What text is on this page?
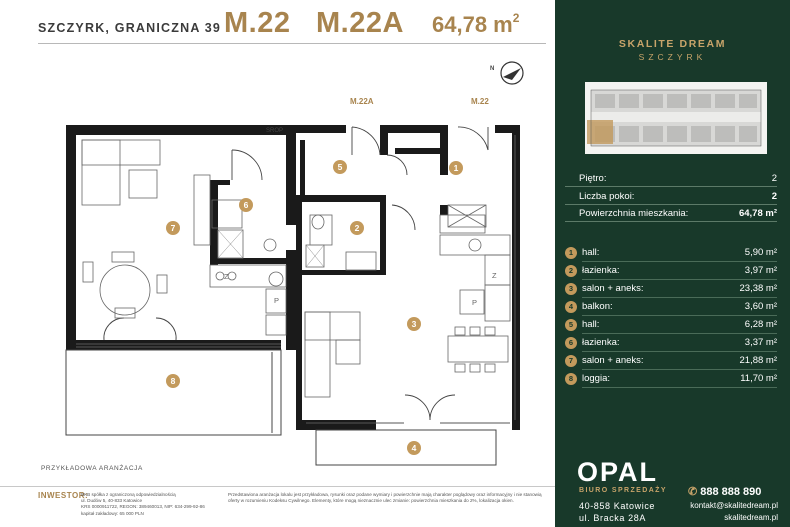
SZCZYRK, GRANICZNA 39 M.22 M.22A 64,78 $m^2$
N
SROP
Z
P
Z
P
M.22A	M.22
1
2
3
4
5
6
7
8
PRZYKŁADOWA ARANŻACJA
INWESTOR:
BKB spółka z ograniczoną odpowiedzialnością
ul. Dudów 5, 40-833 Katowice
KRS 0000911722, REGON: 389460013, NIP: 634-299-92-86
kapitał zakładowy: 65 000 PLN
Przedstawiona aranżacja lokalu jest przykładowa, rysunki oraz podane wymiary i powierzchnie mają charakter poglądowy oraz informacyjny i nie stanowią oferty w rozumieniu Kodeksu Cywilnego. Elementy, które mogą nieznacznie ulec zmianie: powierzchnia mieszkania do 2%, lokalizacja okien.
SKALITE DREAM
SZCZYRK
Piętro:	2
Liczba pokoi:	2
Powierzchnia mieszkania:	64,78 m²
1 hall:	5,90 m²
2 łazienka:	3,97 m²
3 salon + aneks:	23,38 m²
4 balkon:	3,60 m²
5 hall:	6,28 m²
6 łazienka:	3,37 m²
7 salon + aneks:	21,88 m²
8 loggia:	11,70 m²
OPAL
BIURO SPRZEDAŻY ✆ 888 888 890
40-858 Katowice
ul. Bracka 28A
kontakt@skalitedream.pl
skalitedream.pl
